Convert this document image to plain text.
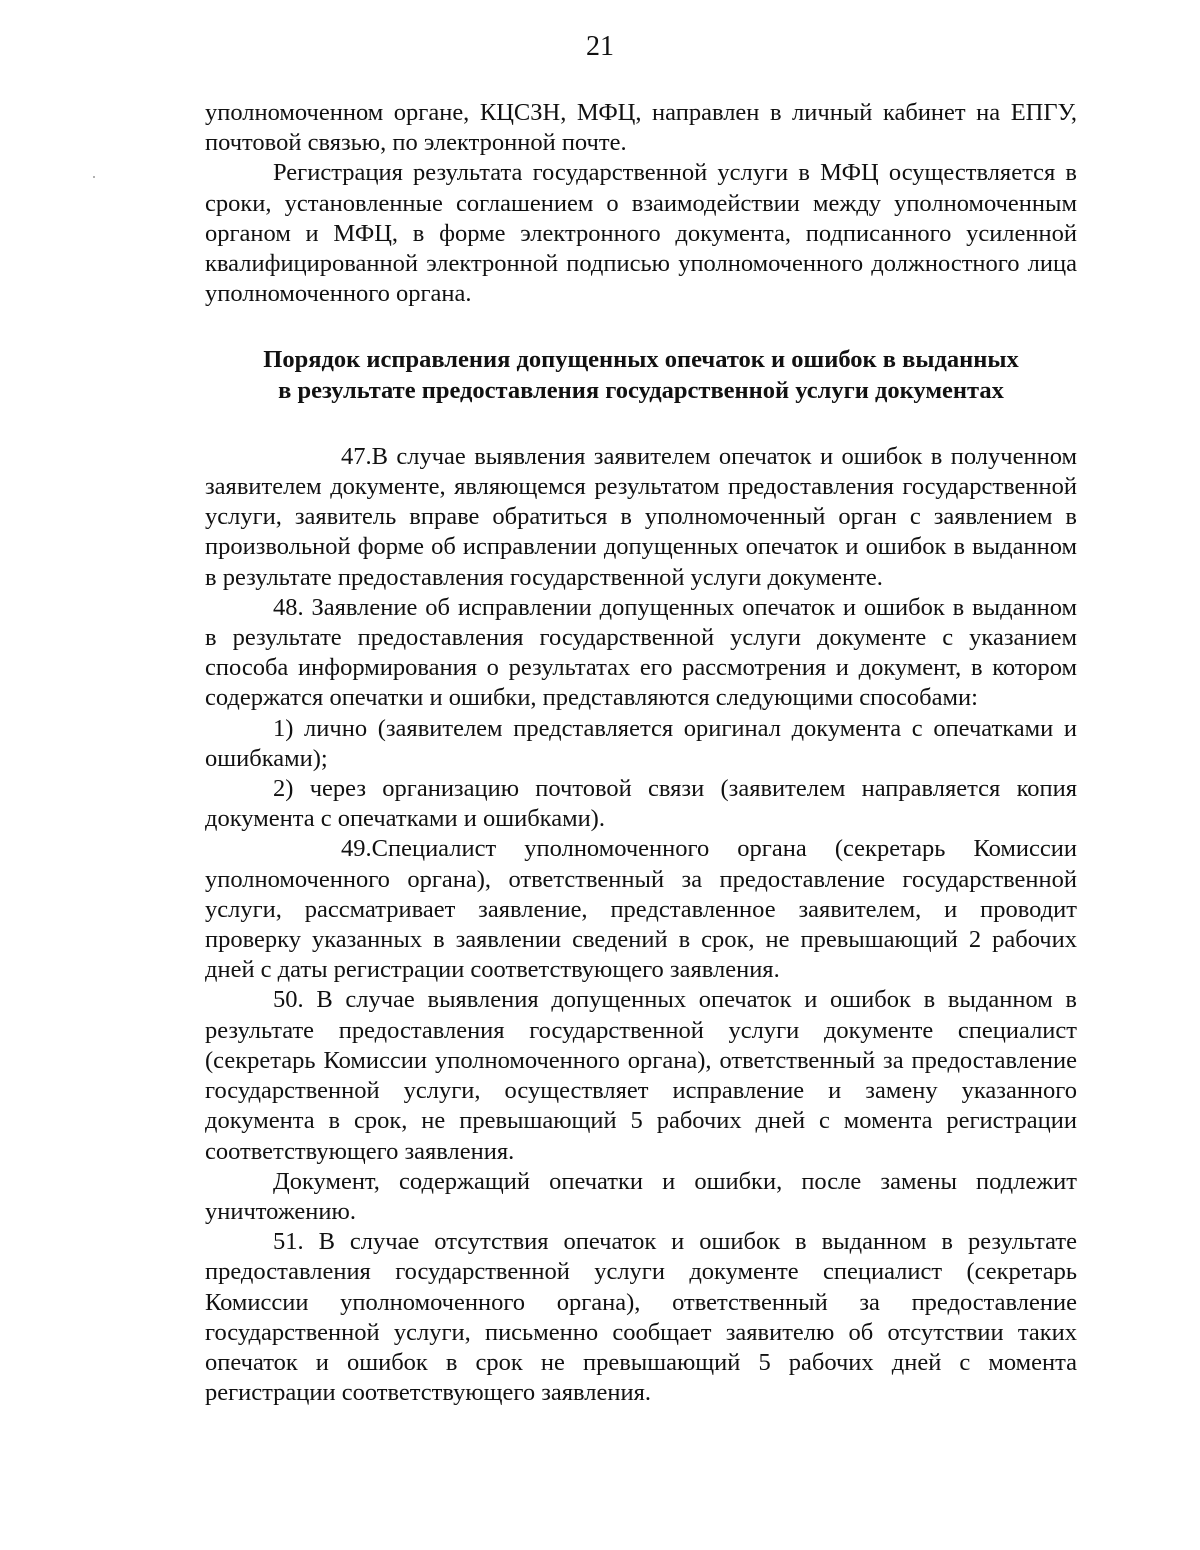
21

уполномоченном органе, КЦСЗН, МФЦ, направлен в личный кабинет на ЕПГУ, почтовой связью, по электронной почте.

Регистрация результата государственной услуги в МФЦ осуществляется в сроки, установленные соглашением о взаимодействии между уполномоченным органом и МФЦ, в форме электронного документа, подписанного усиленной квалифицированной электронной подписью уполномоченного должностного лица уполномоченного органа.

Порядок исправления допущенных опечаток и ошибок в выданных
в результате предоставления государственной услуги документах

47.В случае выявления заявителем опечаток и ошибок в полученном заявителем документе, являющемся результатом предоставления государственной услуги, заявитель вправе обратиться в уполномоченный орган с заявлением в произвольной форме об исправлении допущенных опечаток и ошибок в выданном в результате предоставления государственной услуги документе.

48. Заявление об исправлении допущенных опечаток и ошибок в выданном в результате предоставления государственной услуги документе с указанием способа информирования о результатах его рассмотрения и документ, в котором содержатся опечатки и ошибки, представляются следующими способами:

1) лично (заявителем представляется оригинал документа с опечатками и ошибками);

2) через организацию почтовой связи (заявителем направляется копия документа с опечатками и ошибками).

49.Специалист уполномоченного органа (секретарь Комиссии уполномоченного органа), ответственный за предоставление государственной услуги, рассматривает заявление, представленное заявителем, и проводит проверку указанных в заявлении сведений в срок, не превышающий 2 рабочих дней с даты регистрации соответствующего заявления.

50. В случае выявления допущенных опечаток и ошибок в выданном в результате предоставления государственной услуги документе специалист (секретарь Комиссии уполномоченного органа), ответственный за предоставление государственной услуги, осуществляет исправление и замену указанного документа в срок, не превышающий 5 рабочих дней с момента регистрации соответствующего заявления.

Документ, содержащий опечатки и ошибки, после замены подлежит уничтожению.

51. В случае отсутствия опечаток и ошибок в выданном в результате предоставления государственной услуги документе специалист (секретарь Комиссии уполномоченного органа), ответственный за предоставление государственной услуги, письменно сообщает заявителю об отсутствии таких опечаток и ошибок в срок не превышающий 5 рабочих дней с момента регистрации соответствующего заявления.
